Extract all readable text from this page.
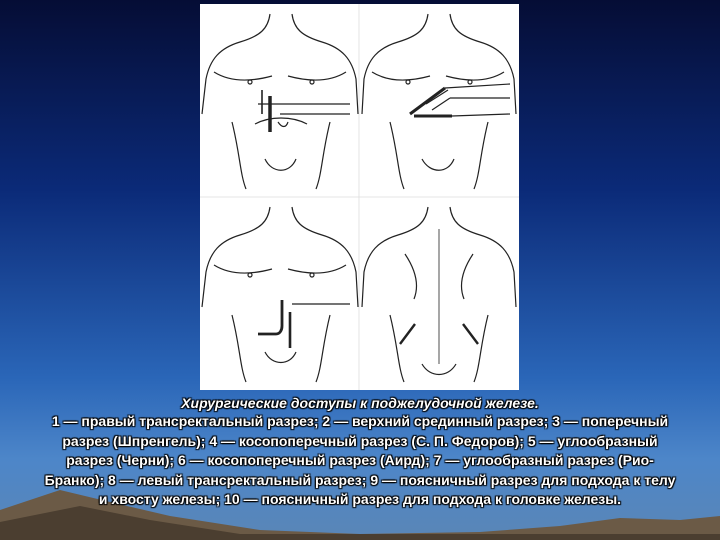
Хирургические доступы к поджелудочной железе.

1 — правый трансректальный разрез; 2 — верхний срединный разрез; 3 — поперечный разрез (Шпренгель); 4 — косопоперечный разрез (С. П. Федоров); 5 — углообразный разрез (Черни); 6 — косопоперечный разрез (Аирд); 7 — углообразный разрез (Рио-Бранко); 8 — левый трансректальный разрез; 9 — поясничный разрез для подхода к телу и хвосту железы; 10 — поясничный разрез для подхода к головке железы.
